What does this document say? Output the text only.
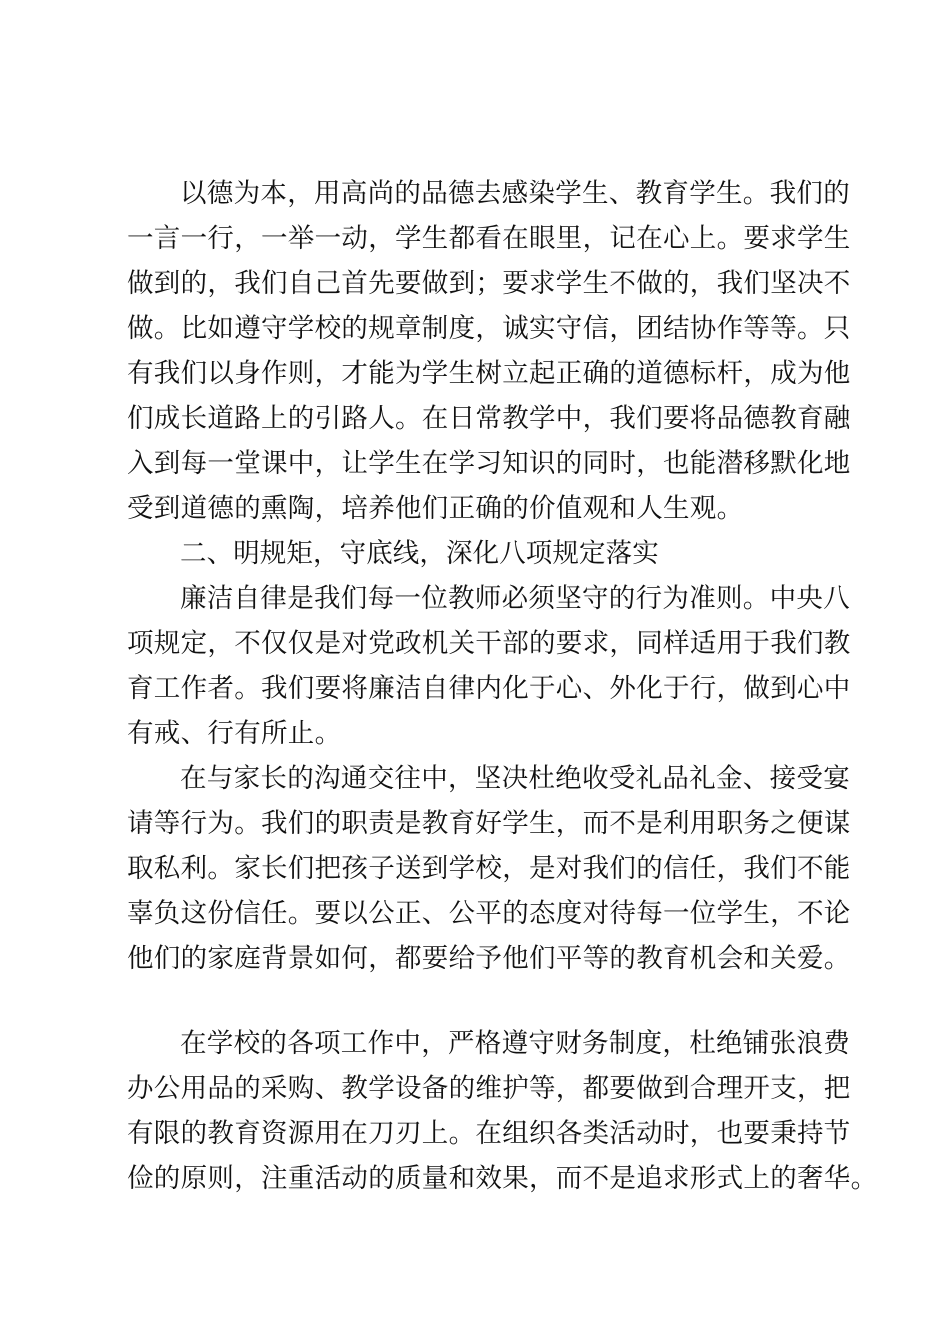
以德为本，用高尚的品德去感染学生、教育学生。我们的
一言一行，一举一动，学生都看在眼里，记在心上。要求学生
做到的，我们自己首先要做到；要求学生不做的，我们坚决不
做。比如遵守学校的规章制度，诚实守信，团结协作等等。只
有我们以身作则，才能为学生树立起正确的道德标杆，成为他
们成长道路上的引路人。在日常教学中，我们要将品德教育融
入到每一堂课中，让学生在学习知识的同时，也能潜移默化地
受到道德的熏陶，培养他们正确的价值观和人生观。
二、明规矩，守底线，深化八项规定落实
廉洁自律是我们每一位教师必须坚守的行为准则。中央八
项规定，不仅仅是对党政机关干部的要求，同样适用于我们教
育工作者。我们要将廉洁自律内化于心、外化于行，做到心中
有戒、行有所止。
在与家长的沟通交往中，坚决杜绝收受礼品礼金、接受宴
请等行为。我们的职责是教育好学生，而不是利用职务之便谋
取私利。家长们把孩子送到学校，是对我们的信任，我们不能
辜负这份信任。要以公正、公平的态度对待每一位学生，不论
他们的家庭背景如何，都要给予他们平等的教育机会和关爱。
在学校的各项工作中，严格遵守财务制度，杜绝铺张浪费
办公用品的采购、教学设备的维护等，都要做到合理开支，把
有限的教育资源用在刀刃上。在组织各类活动时，也要秉持节
俭的原则，注重活动的质量和效果，而不是追求形式上的奢华。
